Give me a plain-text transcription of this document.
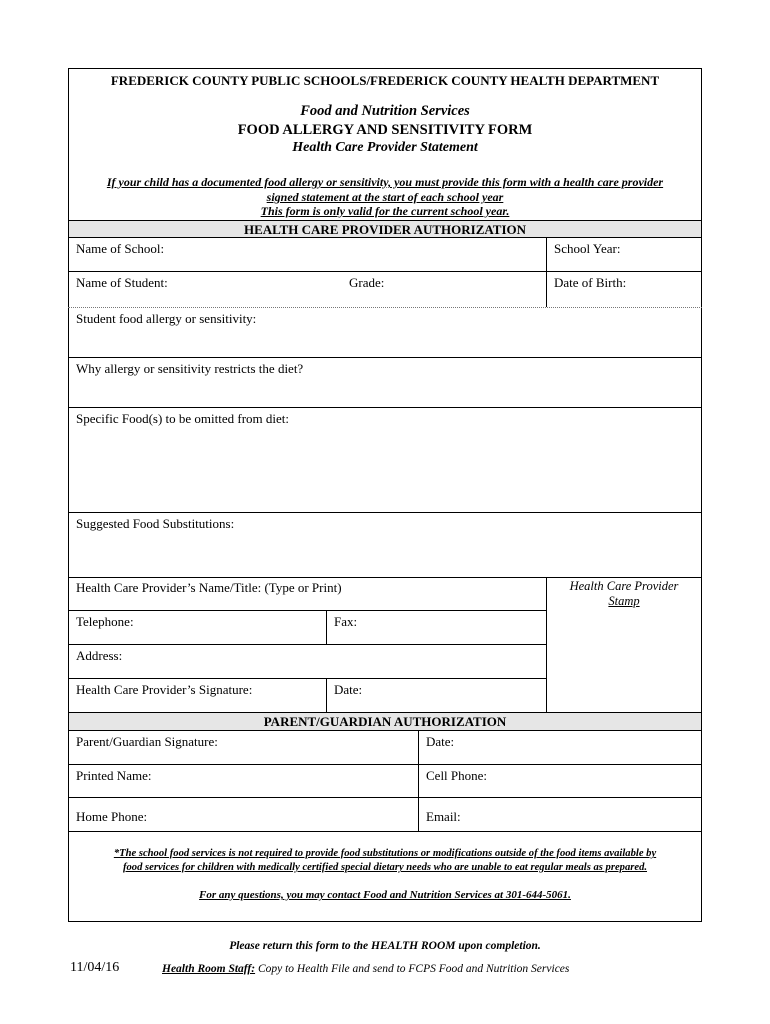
FREDERICK COUNTY PUBLIC SCHOOLS/FREDERICK COUNTY HEALTH DEPARTMENT
Food and Nutrition Services
FOOD ALLERGY AND SENSITIVITY FORM
Health Care Provider Statement
If your child has a documented food allergy or sensitivity, you must provide this form with a health care provider
signed statement at the start of each school year
This form is only valid for the current school year.
HEALTH CARE PROVIDER AUTHORIZATION
Name of School:	School Year:
Name of Student:	Grade:	Date of Birth:
Student food allergy or sensitivity:
Why allergy or sensitivity restricts the diet?
Specific Food(s) to be omitted from diet:
Suggested Food Substitutions:
Health Care Provider’s Name/Title: (Type or Print)	Health Care Provider
Stamp
Telephone:	Fax:
Address:
Health Care Provider’s Signature:	Date:
PARENT/GUARDIAN AUTHORIZATION
Parent/Guardian Signature:	Date:
Printed Name:	Cell Phone:
Home Phone:	Email:
*The school food services is not required to provide food substitutions or modifications outside of the food items available by
food services for children with medically certified special dietary needs who are unable to eat regular meals as prepared.
For any questions, you may contact Food and Nutrition Services at 301-644-5061.
Please return this form to the HEALTH ROOM upon completion.
11/04/16	Health Room Staff: Copy to Health File and send to FCPS Food and Nutrition Services
